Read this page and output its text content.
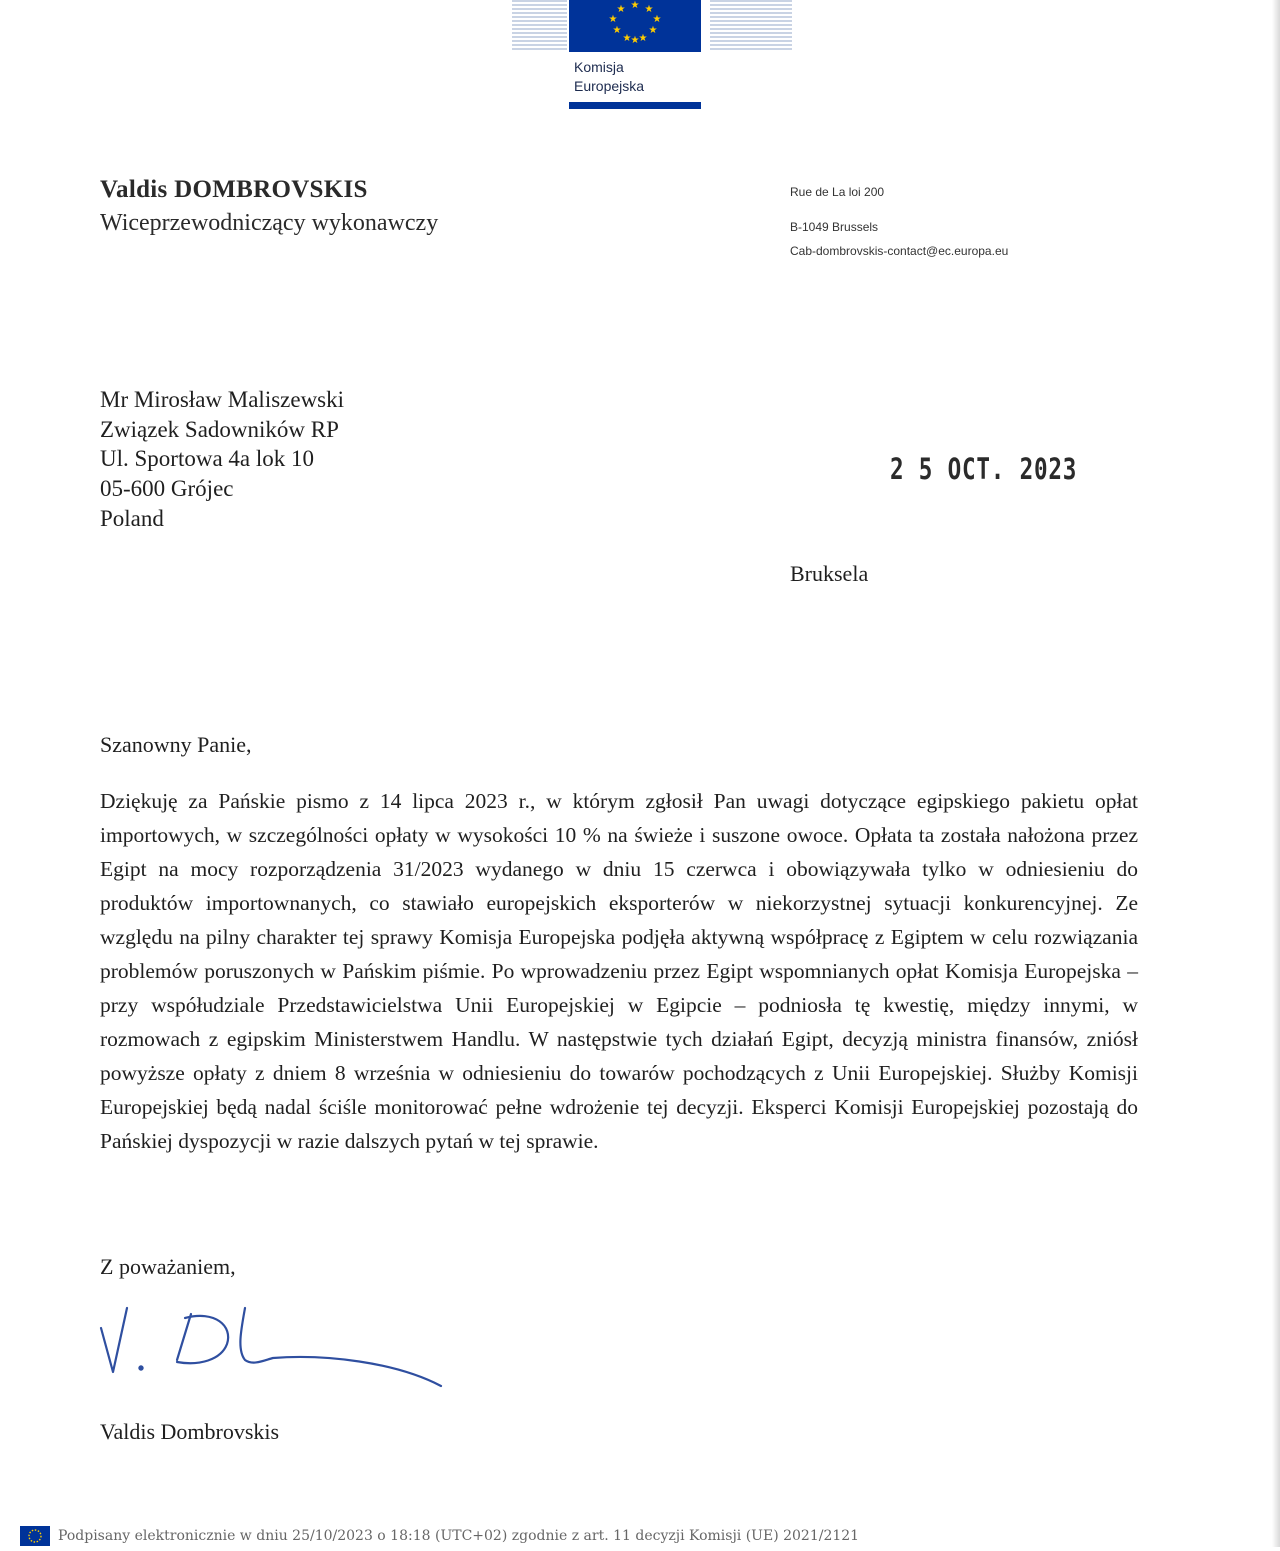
★ ★
★
★
★
★
★
★
★ ★
Komisja
Europejska
Valdis DOMBROVSKIS
Wiceprzewodniczący wykonawczy
Rue de La loi 200
B-1049 Brussels
Cab-dombrovskis-contact@ec.europa.eu
Mr Mirosław Maliszewski
Związek Sadowników RP
Ul. Sportowa 4a lok 10
05-600 Grójec
Poland
2 5 OCT. 2023
Bruksela
Szanowny Panie,
Dziękuję za Pańskie pismo z 14 lipca 2023 r., w którym zgłosił Pan uwagi dotyczące egipskiego pakietu opłat importowych, w szczególności opłaty w wysokości 10 % na świeże i suszone owoce. Opłata ta została nałożona przez Egipt na mocy rozporządzenia 31/2023 wydanego w dniu 15 czerwca i obowiązywała tylko w odniesieniu do produktów importownanych, co stawiało europejskich eksporterów w niekorzystnej sytuacji konkurencyjnej. Ze względu na pilny charakter tej sprawy Komisja Europejska podjęła aktywną współpracę z Egiptem w celu rozwiązania problemów poruszonych w Pańskim piśmie. Po wprowadzeniu przez Egipt wspomnianych opłat Komisja Europejska – przy współudziale Przedstawicielstwa Unii Europejskiej w Egipcie – podniosła tę kwestię, między innymi, w rozmowach z egipskim Ministerstwem Handlu. W następstwie tych działań Egipt, decyzją ministra finansów, zniósł powyższe opłaty z dniem 8 września w odniesieniu do towarów pochodzących z Unii Europejskiej. Służby Komisji Europejskiej będą nadal ściśle monitorować pełne wdrożenie tej decyzji. Eksperci Komisji Europejskiej pozostają do Pańskiej dyspozycji w razie dalszych pytań w tej sprawie.
Z poważaniem,
Valdis Dombrovskis
Podpisany elektronicznie w dniu 25/10/2023 o 18:18 (UTC+02) zgodnie z art. 11 decyzji Komisji (UE) 2021/2121
